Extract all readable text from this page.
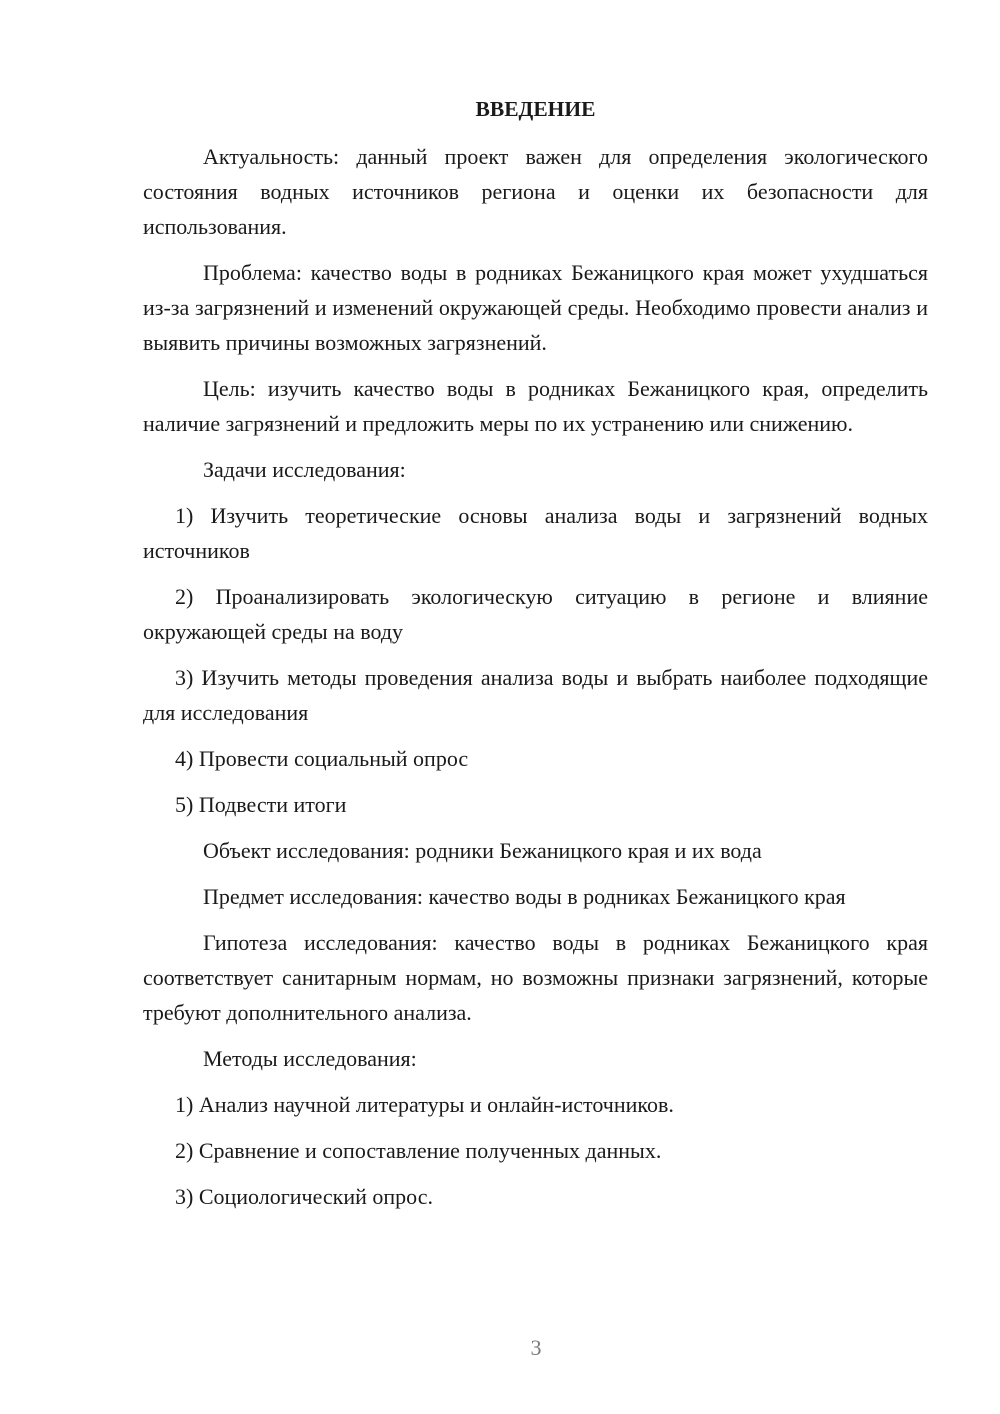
ВВЕДЕНИЕ

Актуальность: данный проект важен для определения экологического состояния водных источников региона и оценки их безопасности для использования.

Проблема: качество воды в родниках Бежаницкого края может ухудшаться из-за загрязнений и изменений окружающей среды. Необходимо провести анализ и выявить причины возможных загрязнений.

Цель: изучить качество воды в родниках Бежаницкого края, определить наличие загрязнений и предложить меры по их устранению или снижению.

Задачи исследования:

1) Изучить теоретические основы анализа воды и загрязнений водных источников

2) Проанализировать экологическую ситуацию в регионе и влияние окружающей среды на воду

3) Изучить методы проведения анализа воды и выбрать наиболее подходящие для исследования

4) Провести социальный опрос

5) Подвести итоги

Объект исследования: родники Бежаницкого края и их вода

Предмет исследования: качество воды в родниках Бежаницкого края

Гипотеза исследования: качество воды в родниках Бежаницкого края соответствует санитарным нормам, но возможны признаки загрязнений, которые требуют дополнительного анализа.

Методы исследования:

1) Анализ научной литературы и онлайн-источников.

2) Сравнение и сопоставление полученных данных.

3) Социологический опрос.

3
